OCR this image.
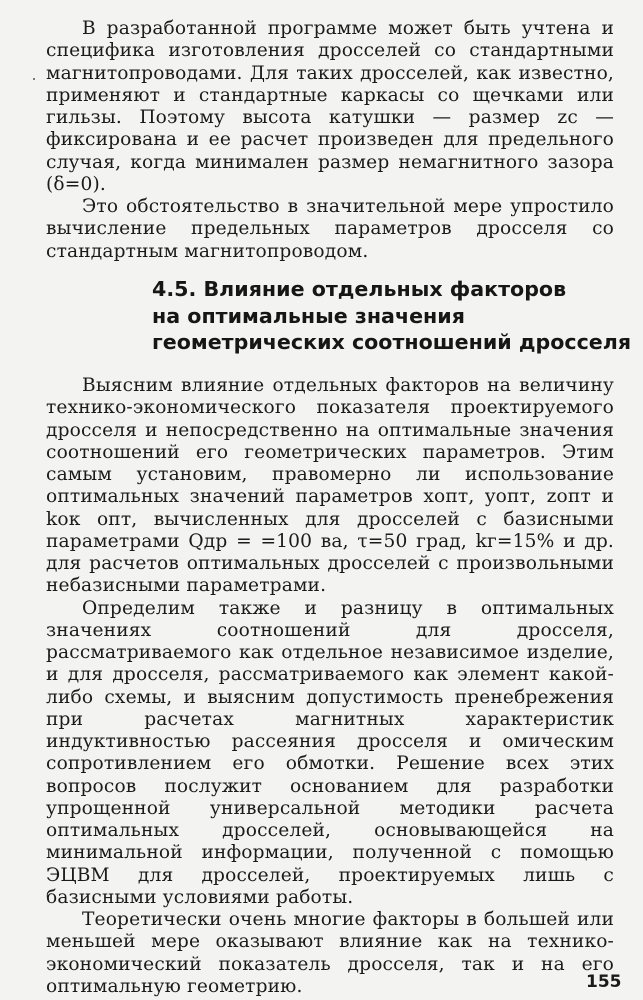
В разработанной программе может быть учтена и специфика изготовления дросселей со стандартными магнитопроводами. Для таких дросселей, как известно, применяют и стандартные каркасы со щечками или гильзы. Поэтому высота катушки — размер zс — фиксирована и ее расчет произведен для предельного случая, когда минимален размер немагнитного зазора (δ=0).

Это обстоятельство в значительной мере упростило вычисление предельных параметров дросселя со стандартным магнитопроводом.

4.5. Влияние отдельных факторов
на оптимальные значения
геометрических соотношений дросселя

Выясним влияние отдельных факторов на величину технико-экономического показателя проектируемого дросселя и непосредственно на оптимальные значения соотношений его геометрических параметров. Этим самым установим, правомерно ли использование оптимальных значений параметров xопт, yопт, zопт и kок опт, вычисленных для дросселей с базисными параметрами Qдр = =100 ва, τ=50 град, kг=15% и др. для расчетов оптимальных дросселей с произвольными небазисными параметрами.

Определим также и разницу в оптимальных значениях соотношений для дросселя, рассматриваемого как отдельное независимое изделие, и для дросселя, рассматриваемого как элемент какой-либо схемы, и выясним допустимость пренебрежения при расчетах магнитных характеристик индуктивностью рассеяния дросселя и омическим сопротивлением его обмотки. Решение всех этих вопросов послужит основанием для разработки упрощенной универсальной методики расчета оптимальных дросселей, основывающейся на минимальной информации, полученной с помощью ЭЦВМ для дросселей, проектируемых лишь с базисными условиями работы.

Теоретически очень многие факторы в большей или меньшей мере оказывают влияние как на технико-экономический показатель дросселя, так и на его оптимальную геометрию.	155
